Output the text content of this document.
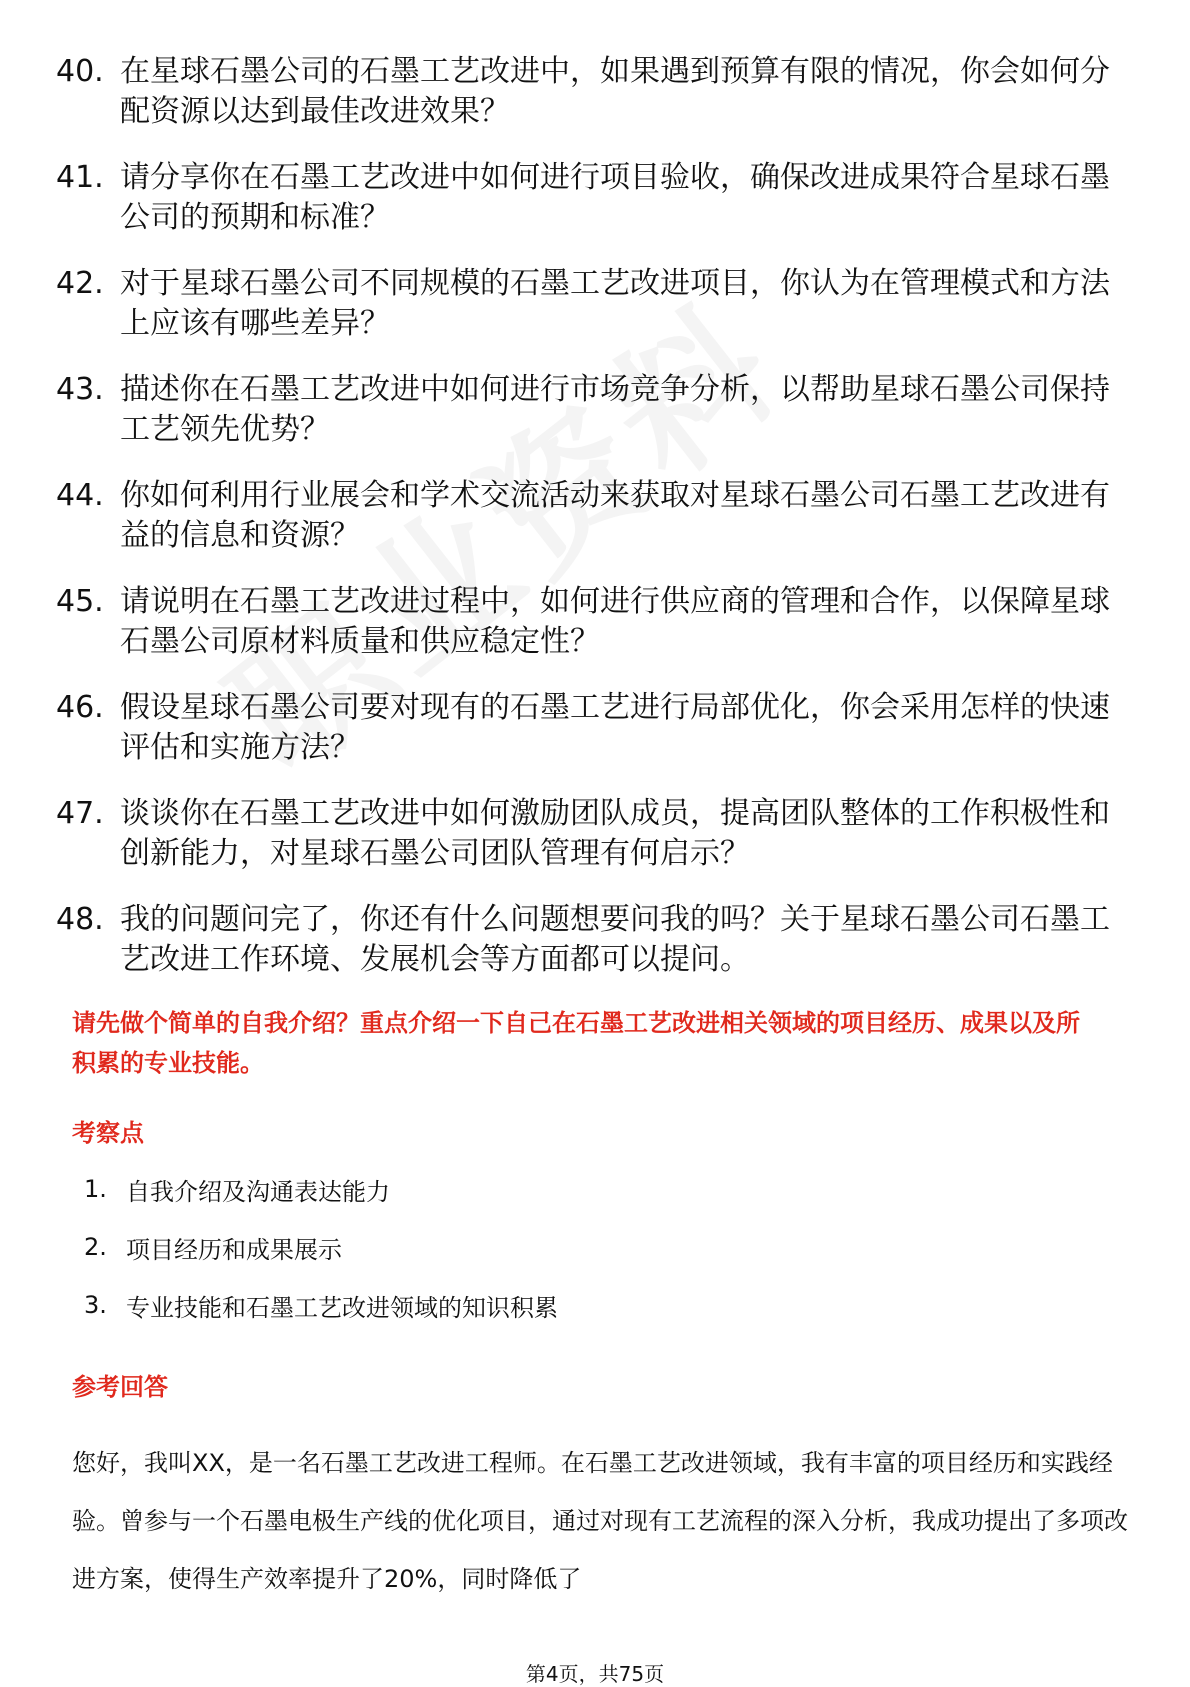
40. 在星球石墨公司的石墨工艺改进中，如果遇到预算有限的情况，你会如何分配资源以达到最佳改进效果？
41. 请分享你在石墨工艺改进中如何进行项目验收，确保改进成果符合星球石墨公司的预期和标准？
42. 对于星球石墨公司不同规模的石墨工艺改进项目，你认为在管理模式和方法上应该有哪些差异？
43. 描述你在石墨工艺改进中如何进行市场竞争分析，以帮助星球石墨公司保持工艺领先优势？
44. 你如何利用行业展会和学术交流活动来获取对星球石墨公司石墨工艺改进有益的信息和资源？
45. 请说明在石墨工艺改进过程中，如何进行供应商的管理和合作，以保障星球石墨公司原材料质量和供应稳定性？
46. 假设星球石墨公司要对现有的石墨工艺进行局部优化，你会采用怎样的快速评估和实施方法？
47. 谈谈你在石墨工艺改进中如何激励团队成员，提高团队整体的工作积极性和创新能力，对星球石墨公司团队管理有何启示？
48. 我的问题问完了，你还有什么问题想要问我的吗？关于星球石墨公司石墨工艺改进工作环境、发展机会等方面都可以提问。
请先做个简单的自我介绍？重点介绍一下自己在石墨工艺改进相关领域的项目经历、成果以及所积累的专业技能。
考察点
1. 自我介绍及沟通表达能力
2. 项目经历和成果展示
3. 专业技能和石墨工艺改进领域的知识积累
参考回答
您好，我叫XX，是一名石墨工艺改进工程师。在石墨工艺改进领域，我有丰富的项目经历和实践经验。曾参与一个石墨电极生产线的优化项目，通过对现有工艺流程的深入分析，我成功提出了多项改进方案，使得生产效率提升了20%，同时降低了
第4页，共75页
